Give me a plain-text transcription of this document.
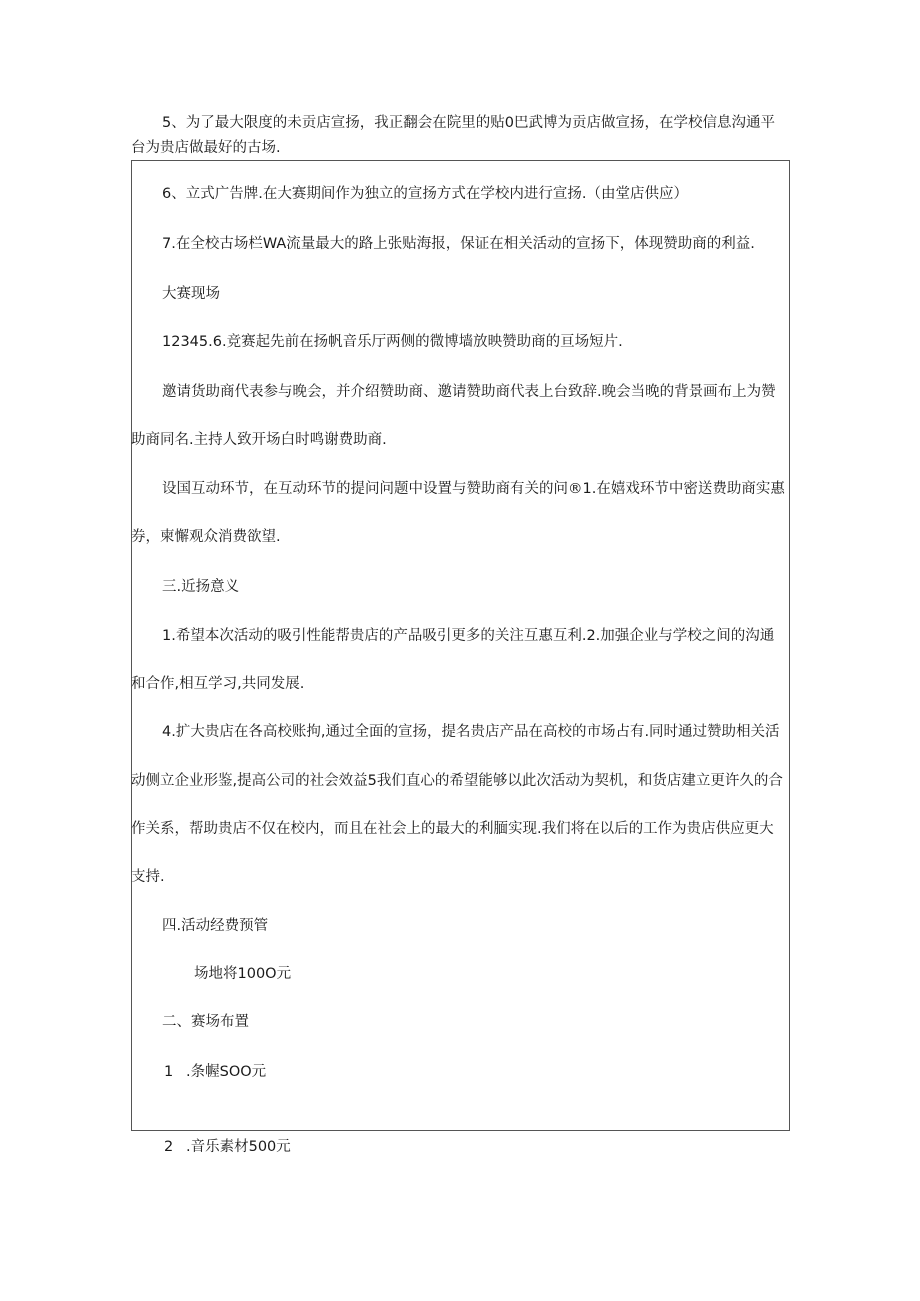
5、为了最大限度的未贡店宣扬，我正翻会在院里的贴0巴武博为贡店做宣扬，在学校信息沟通平
台为贵店做最好的古场.
6、立式广告牌.在大赛期间作为独立的宣扬方式在学校内进行宣扬.（由堂店供应）
7.在全校古场栏WA流量最大的路上张贴海报，保证在相关活动的宣扬下，体现赞助商的利益.
大赛现场
12345.6.竞赛起先前在扬帆音乐厅两侧的微博墙放映赞助商的亘场短片.
邀请货助商代表参与晚会，并介绍赞助商、邀请赞助商代表上台致辞.晚会当晚的背景画布上为赞
助商同名.主持人致开场白时鸣谢费助商.
设国互动环节，在互动环节的提问问题中设置与赞助商有关的问®1.在嬉戏环节中密送费助商实惠
券，柬懈观众消费欲望.
三.近扬意义
1.希望本次活动的吸引性能帮贵店的产品吸引更多的关注互惠互利.2.加强企业与学校之间的沟通
和合作,相互学习,共同发展.
4.扩大贵店在各高校账拘,通过全面的宣扬，提名贵店产品在高校的市场占有.同时通过赞助相关活
动侧立企业形鉴,提高公司的社会效益5我们直心的希望能够以此次活动为契机，和货店建立更许久的合
作关系，帮助贵店不仅在校内，而且在社会上的最大的利腼实现.我们将在以后的工作为贵店供应更大
支持.
四.活动经费预管
场地将100O元
二、赛场布置
1 .条幄SOO元
2 .音乐素材500元
